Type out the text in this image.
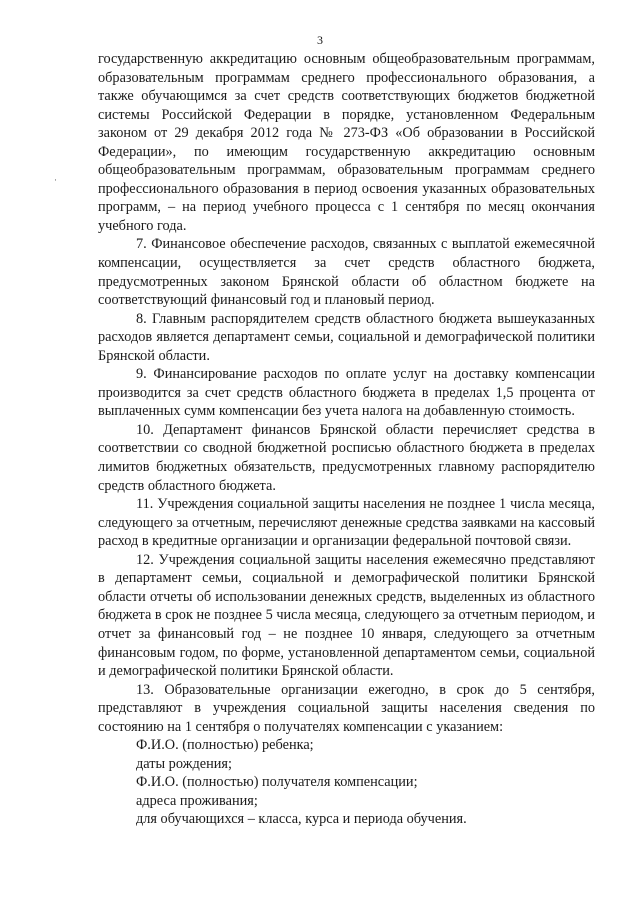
3
·

государственную аккредитацию основным общеобразовательным программам, образовательным программам среднего профессионального образования, а также обучающимся за счет средств соответствующих бюджетов бюджетной системы Российской Федерации в порядке, установленном Федеральным законом от 29 декабря 2012 года № 273-ФЗ «Об образовании в Российской Федерации», по имеющим государственную аккредитацию основным общеобразовательным программам, образовательным программам среднего профессионального образования в период освоения указанных образовательных программ, – на период учебного процесса с 1 сентября по месяц окончания учебного года.

7. Финансовое обеспечение расходов, связанных с выплатой ежемесячной компенсации, осуществляется за счет средств областного бюджета, предусмотренных законом Брянской области об областном бюджете на соответствующий финансовый год и плановый период.

8. Главным распорядителем средств областного бюджета вышеуказанных расходов является департамент семьи, социальной и демографической политики Брянской области.

9. Финансирование расходов по оплате услуг на доставку компенсации производится за счет средств областного бюджета в пределах 1,5 процента от выплаченных сумм компенсации без учета налога на добавленную стоимость.

10. Департамент финансов Брянской области перечисляет средства в соответствии со сводной бюджетной росписью областного бюджета в пределах лимитов бюджетных обязательств, предусмотренных главному распорядителю средств областного бюджета.

11. Учреждения социальной защиты населения не позднее 1 числа месяца, следующего за отчетным, перечисляют денежные средства заявками на кассовый расход в кредитные организации и организации федеральной почтовой связи.

12. Учреждения социальной защиты населения ежемесячно представляют в департамент семьи, социальной и демографической политики Брянской области отчеты об использовании денежных средств, выделенных из областного бюджета в срок не позднее 5 числа месяца, следующего за отчетным периодом, и отчет за финансовый год – не позднее 10 января, следующего за отчетным финансовым годом, по форме, установленной департаментом семьи, социальной и демографической политики Брянской области.

13. Образовательные организации ежегодно, в срок до 5 сентября, представляют в учреждения социальной защиты населения сведения по состоянию на 1 сентября о получателях компенсации с указанием:

Ф.И.О. (полностью) ребенка;

даты рождения;

Ф.И.О. (полностью) получателя компенсации;

адреса проживания;

для обучающихся – класса, курса и периода обучения.
